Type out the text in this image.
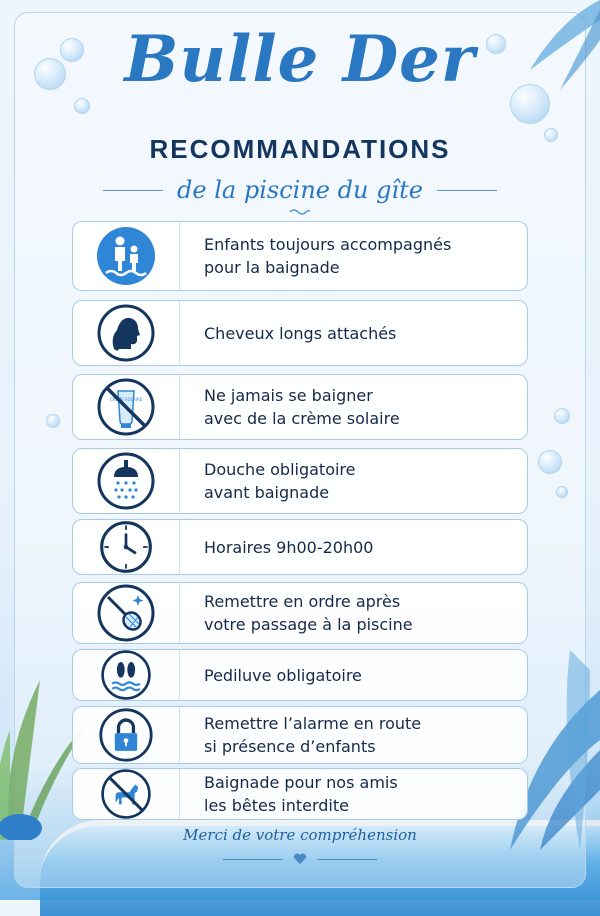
Bulle Der
RECOMMANDATIONS
de la piscine du gîte
Enfants toujours accompagnés
pour la baignade
Cheveux longs attachés
CRÈME SOLAIRE	Ne jamais se baigner
avec de la crème solaire
Douche obligatoire
avant baignade
Horaires 9h00-20h00
Remettre en ordre après
votre passage à la piscine
Pediluve obligatoire
Remettre l’alarme en route
si présence d’enfants
Baignade pour nos amis
les bêtes interdite
Merci de votre compréhension
